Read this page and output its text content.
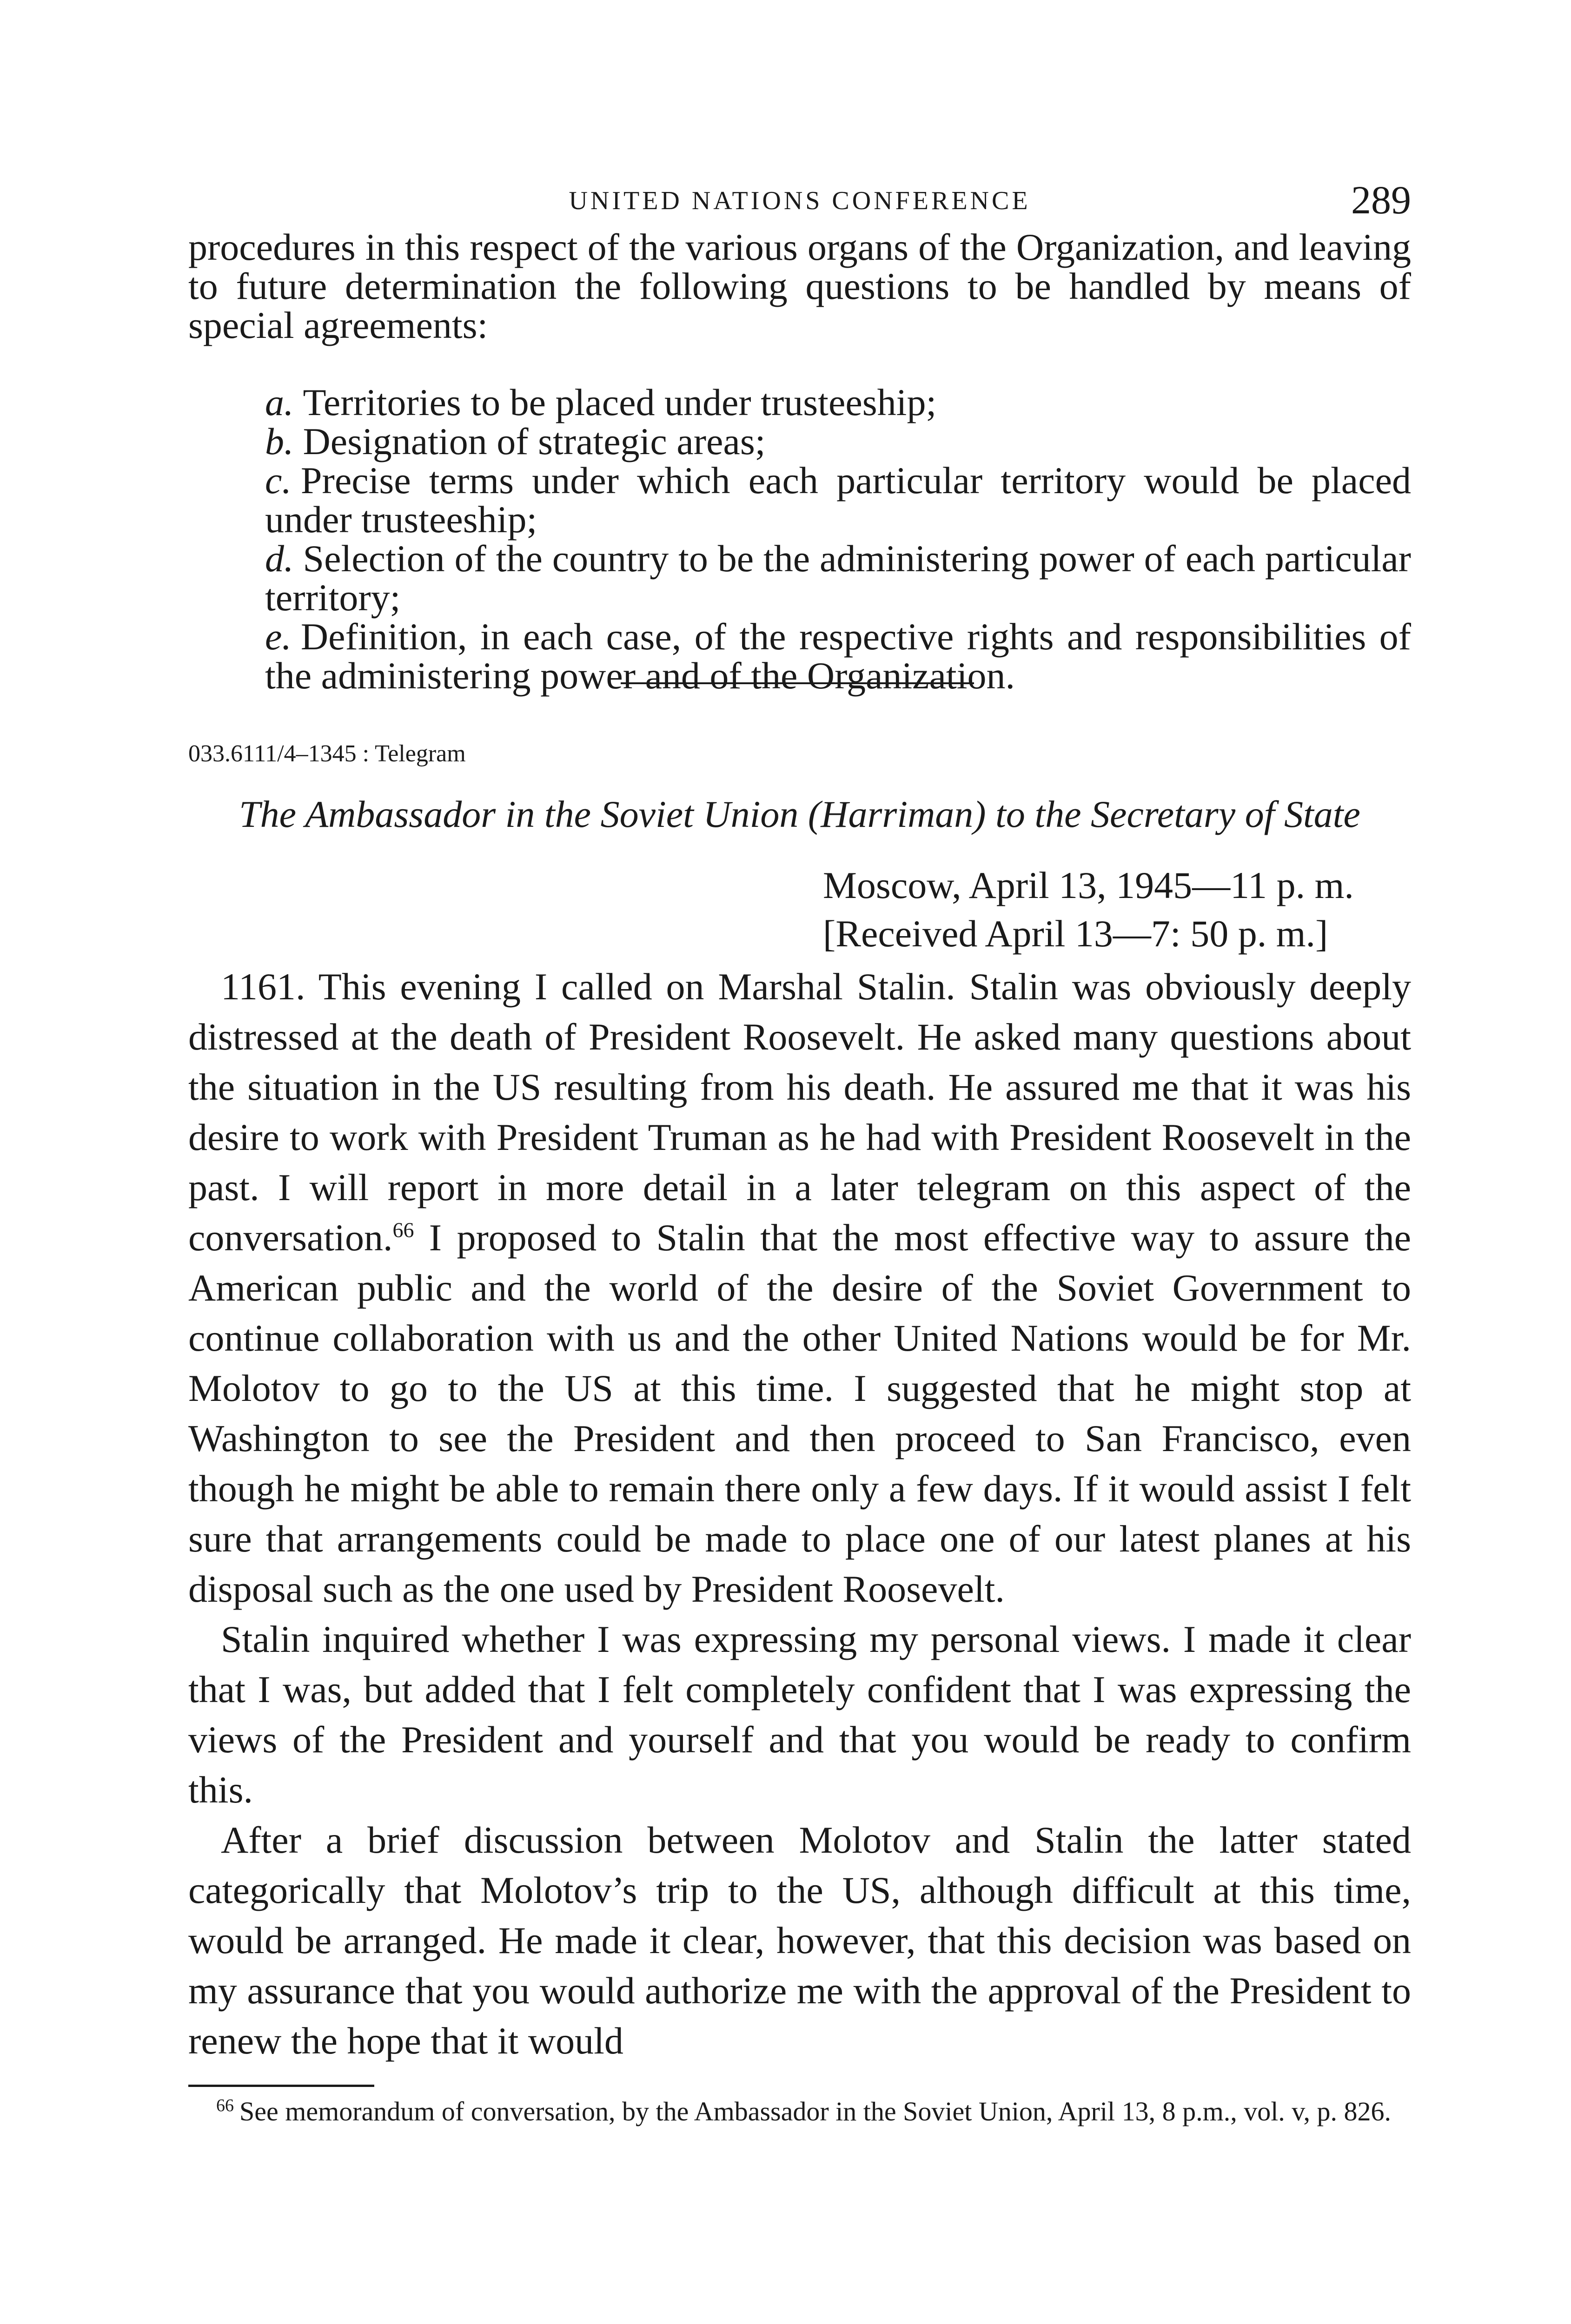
UNITED NATIONS CONFERENCE	289

procedures in this respect of the various organs of the Organization, and leaving to future determination the following questions to be handled by means of special agreements:

a. Territories to be placed under trusteeship;

b. Designation of strategic areas;

c. Precise terms under which each particular territory would be placed under trusteeship;

d. Selection of the country to be the administering power of each particular territory;

e. Definition, in each case, of the respective rights and responsibilities of the administering power and of the Organization.

033.6111/4–1345 : Telegram
The Ambassador in the Soviet Union (Harriman) to the Secretary of State
Moscow, April 13, 1945—11 p. m.
[Received April 13—7: 50 p. m.]

1161. This evening I called on Marshal Stalin. Stalin was obviously deeply distressed at the death of President Roosevelt. He asked many questions about the situation in the US resulting from his death. He assured me that it was his desire to work with President Truman as he had with President Roosevelt in the past. I will report in more detail in a later telegram on this aspect of the conversation.$^{66}$ I proposed to Stalin that the most effective way to assure the American public and the world of the desire of the Soviet Government to continue collaboration with us and the other United Nations would be for Mr. Molotov to go to the US at this time. I suggested that he might stop at Washington to see the President and then proceed to San Francisco, even though he might be able to remain there only a few days. If it would assist I felt sure that arrangements could be made to place one of our latest planes at his disposal such as the one used by President Roosevelt.

Stalin inquired whether I was expressing my personal views. I made it clear that I was, but added that I felt completely confident that I was expressing the views of the President and yourself and that you would be ready to confirm this.

After a brief discussion between Molotov and Stalin the latter stated categorically that Molotov’s trip to the US, although difficult at this time, would be arranged. He made it clear, however, that this decision was based on my assurance that you would authorize me with the approval of the President to renew the hope that it would

$^{66}$ See memorandum of conversation, by the Ambassador in the Soviet Union, April 13, 8 p.m., vol. v, p. 826.
